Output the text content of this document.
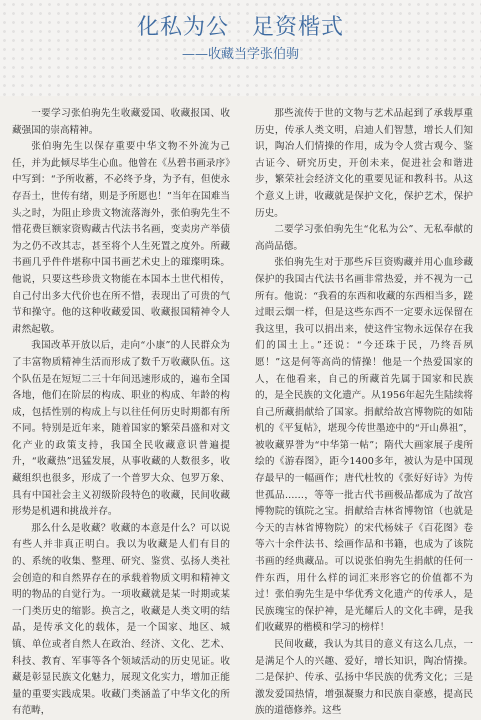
化私为公　足资楷式
——收藏当学张伯驹

一要学习张伯驹先生收藏爱国、收藏报国、收藏强国的崇高精神。

张伯驹先生以保存重要中华文物不外流为己任，并为此倾尽毕生心血。他曾在《丛碧书画录序》中写到：“予所收蓄，不必终予身，为予有，但使永存吾土，世传有绪，则是予所愿也！”当年在国难当头之时，为阻止珍贵文物流落海外，张伯驹先生不惜花费巨额家资购藏古代法书名画，变卖房产举债为之仍不改其志，甚至将个人生死置之度外。所藏书画几乎件件堪称中国书画艺术史上的璀璨明珠。他说，只要这些珍贵文物能在本国本土世代相传，自己付出多大代价也在所不惜，表现出了可贵的气节和操守。他的这种收藏爱国、收藏报国精神令人肃然起敬。

我国改革开放以后，走向“小康”的人民群众为了丰富物质精神生活而形成了数千万收藏队伍。这个队伍是在短短二三十年间迅速形成的，遍布全国各地，他们在阶层的构成、职业的构成、年龄的构成，包括性别的构成上与以往任何历史时期都有所不同。特别是近年来，随着国家的繁荣昌盛和对文化产业的政策支持，我国全民收藏意识普遍提升，“收藏热”迅猛发展，从事收藏的人数很多，收藏组织也很多，形成了一个普罗大众、包罗万象、具有中国社会主义初级阶段特色的收藏，民间收藏形势是机遇和挑战并存。

那么什么是收藏？收藏的本意是什么？可以说有些人并非真正明白。我以为收藏是人们有目的的、系统的收集、整理、研究、鉴赏、弘扬人类社会创造的和自然界存在的承载着物质文明和精神文明的物品的自觉行为。一项收藏就是某一时期或某一门类历史的缩影。换言之，收藏是人类文明的结晶，是传承文化的载体，是一个国家、地区、城镇、单位或者自然人在政治、经济、文化、艺术、科技、教育、军事等各个领域活动的历史见证。收藏是彰显民族文化魅力，展现文化实力，增加正能量的重要实践成果。收藏门类涵盖了中华文化的所有范畴，

那些流传于世的文物与艺术品起到了承载厚重历史，传承人类文明，启迪人们智慧，增长人们知识，陶冶人们情操的作用，成为令人赏古观今、鉴古证今、研究历史，开创未来，促进社会和谐进步，繁荣社会经济文化的重要见证和教科书。从这个意义上讲，收藏就是保护文化，保护艺术，保护历史。

二要学习张伯驹先生“化私为公”、无私奉献的高尚品德。

张伯驹先生对于那些斥巨资购藏并用心血珍藏保护的我国古代法书名画非常热爱，并不视为一己所有。他说：“我看的东西和收藏的东西相当多，蹉过眼云烟一样，但是这些东西不一定要永远保留在我这里，我可以捐出来，使这件宝物永远保存在我们的国土上。”还说：“今还珠于民，乃终吾夙愿！”这是何等高尚的情操！他是一个热爱国家的人，在他看来，自己的所藏首先属于国家和民族的，是全民族的文化遗产。从1956年起先生陆续将自己所藏捐献给了国家。捐献给故宫博物院的如陆机的《平复帖》，堪现今传世墨迹中的“开山鼻祖”，被收藏界誉为“中华第一帖”；隋代大画家展子虔所绘的《游春图》，距今1400多年，被认为是中国现存最早的一幅画作；唐代杜牧的《张好好诗》为传世孤品……，等等一批古代书画极品都成为了故宫博物院的镇院之宝。捐献给吉林省博物馆（也就是今天的吉林省博物院）的宋代杨妹子《百花图》卷等六十余件法书、绘画作品和书籍，也成为了该院书画的经典藏品。可以说张伯驹先生捐献的任何一件东西，用什么样的词汇来形容它的价值都不为过！张伯驹先生是中华优秀文化遗产的传承人，是民族瑰宝的保护神，是光耀后人的文化丰碑，是我们收藏界的楷模和学习的榜样！

民间收藏，我认为其目的意义有这么几点，一是满足个人的兴趣、爱好，增长知识，陶冶情操。二是保护、传承、弘扬中华民族的优秀文化；三是激发爱国热情，增强凝聚力和民族自豪感，提高民族的道德修养。这些
